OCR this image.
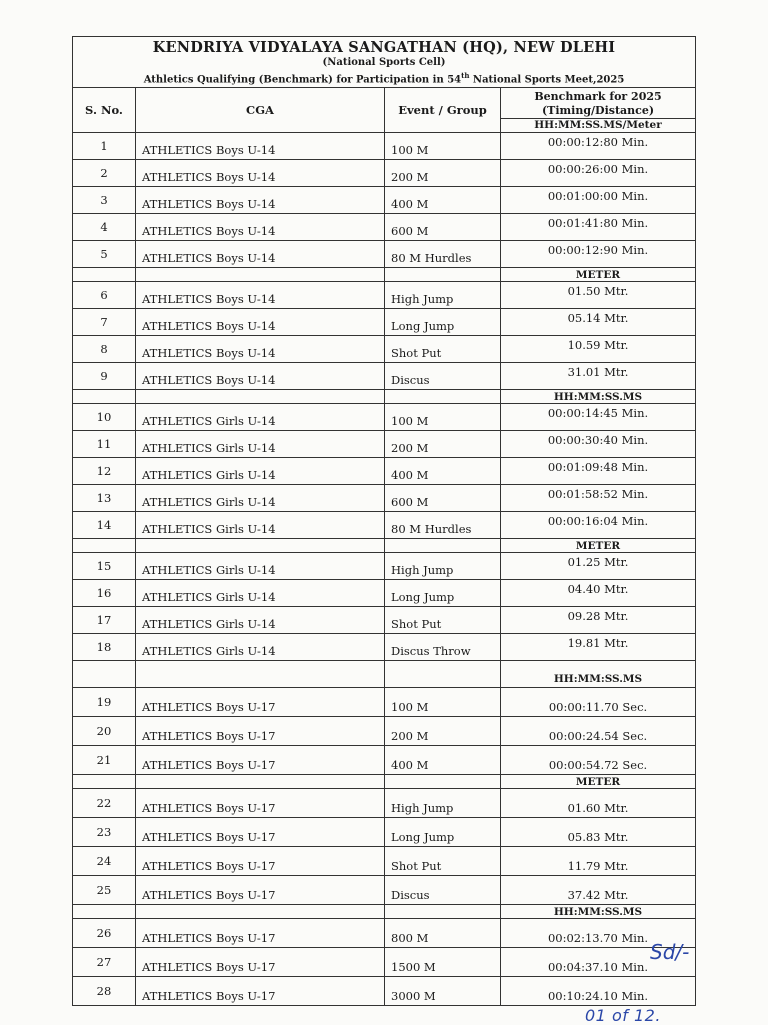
KENDRIYA VIDYALAYA SANGATHAN (HQ), NEW DLEHI
(National Sports Cell)
Athletics Qualifying (Benchmark) for Participation in 54th National Sports Meet,2025
S. No.	CGA	Event / Group	Benchmark for 2025 (Timing/Distance)
HH:MM:SS.MS/Meter

1	ATHLETICS Boys U-14	100 M	00:00:12:80 Min.
2	ATHLETICS Boys U-14	200 M	00:00:26:00 Min.
3	ATHLETICS Boys U-14	400 M	00:01:00:00 Min.
4	ATHLETICS Boys U-14	600 M	00:01:41:80 Min.
5	ATHLETICS Boys U-14	80 M Hurdles	00:00:12:90 Min.
			METER
6	ATHLETICS Boys U-14	High Jump	01.50 Mtr.
7	ATHLETICS Boys U-14	Long Jump	05.14 Mtr.
8	ATHLETICS Boys U-14	Shot Put	10.59 Mtr.
9	ATHLETICS Boys U-14	Discus	31.01 Mtr.
			HH:MM:SS.MS
10	ATHLETICS Girls U-14	100 M	00:00:14:45 Min.
11	ATHLETICS Girls U-14	200 M	00:00:30:40 Min.
12	ATHLETICS Girls U-14	400 M	00:01:09:48 Min.
13	ATHLETICS Girls U-14	600 M	00:01:58:52 Min.
14	ATHLETICS Girls U-14	80 M Hurdles	00:00:16:04 Min.
			METER
15	ATHLETICS Girls U-14	High Jump	01.25 Mtr.
16	ATHLETICS Girls U-14	Long Jump	04.40 Mtr.
17	ATHLETICS Girls U-14	Shot Put	09.28 Mtr.
18	ATHLETICS Girls U-14	Discus Throw	19.81 Mtr.
			HH:MM:SS.MS
19	ATHLETICS Boys U-17	100 M	00:00:11.70 Sec.
20	ATHLETICS Boys U-17	200 M	00:00:24.54 Sec.
21	ATHLETICS Boys U-17	400 M	00:00:54.72 Sec.
			METER
22	ATHLETICS Boys U-17	High Jump	01.60 Mtr.
23	ATHLETICS Boys U-17	Long Jump	05.83 Mtr.
24	ATHLETICS Boys U-17	Shot Put	11.79 Mtr.
25	ATHLETICS Boys U-17	Discus	37.42 Mtr.
			HH:MM:SS.MS
26	ATHLETICS Boys U-17	800 M	00:02:13.70 Min.
27	ATHLETICS Boys U-17	1500 M	00:04:37.10 Min.
28	ATHLETICS Boys U-17	3000 M	00:10:24.10 Min.
Sd/-
01 of 12.
